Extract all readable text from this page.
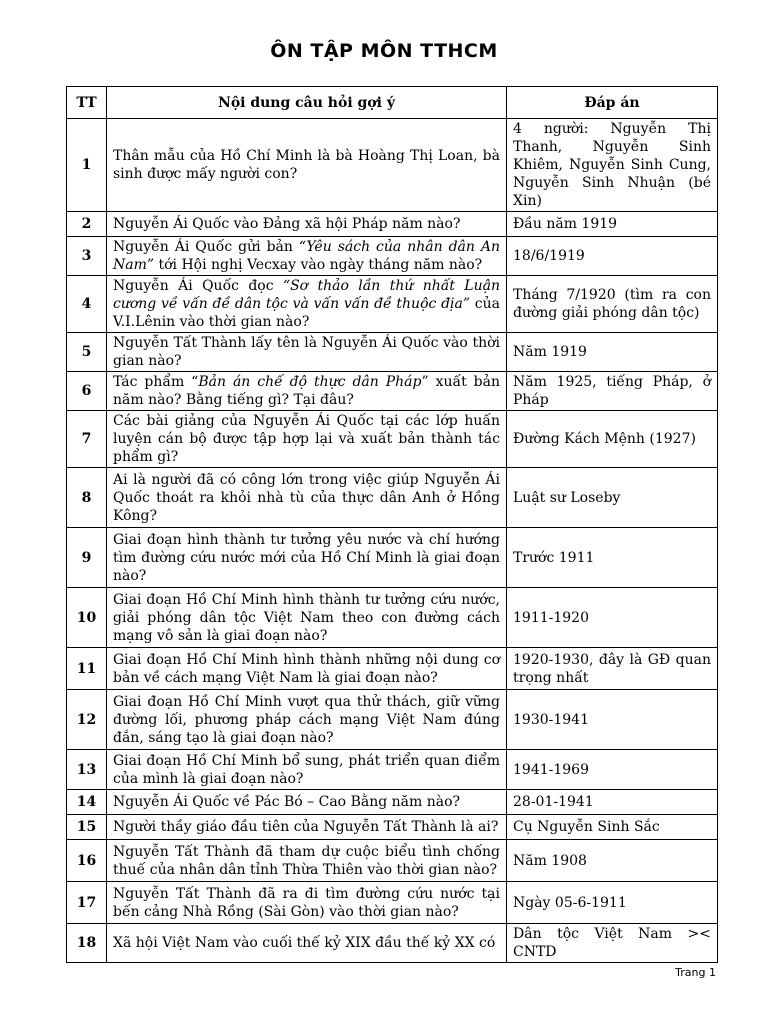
ÔN TẬP MÔN TTHCM
TT	Nội dung câu hỏi gợi ý	Đáp án
1	Thân mẫu của Hồ Chí Minh là bà Hoàng Thị Loan, bà sinh được mấy người con?	4 người: Nguyễn Thị Thanh, Nguyễn Sinh Khiêm, Nguyễn Sinh Cung, Nguyễn Sinh Nhuận (bé Xin)
2	Nguyễn Ái Quốc vào Đảng xã hội Pháp năm nào?	Đầu năm 1919
3	Nguyễn Ái Quốc gửi bản “Yêu sách của nhân dân An Nam” tới Hội nghị Vecxay vào ngày tháng năm nào?	18/6/1919
4	Nguyễn Ái Quốc đọc “Sơ thảo lần thứ nhất Luận cương về vấn đề dân tộc và vấn vấn đề thuộc địa” của V.I.Lênin vào thời gian nào?	Tháng 7/1920 (tìm ra con đường giải phóng dân tộc)
5	Nguyễn Tất Thành lấy tên là Nguyễn Ái Quốc vào thời gian nào?	Năm 1919
6	Tác phẩm “Bản án chế độ thực dân Pháp” xuất bản năm nào? Bằng tiếng gì? Tại đâu?	Năm 1925, tiếng Pháp, ở Pháp
7	Các bài giảng của Nguyễn Ái Quốc tại các lớp huấn luyện cán bộ được tập hợp lại và xuất bản thành tác phẩm gì?	Đường Kách Mệnh (1927)
8	Ai là người đã có công lớn trong việc giúp Nguyễn Ái Quốc thoát ra khỏi nhà tù của thực dân Anh ở Hồng Kông?	Luật sư Loseby
9	Giai đoạn hình thành tư tưởng yêu nước và chí hướng tìm đường cứu nước mới của Hồ Chí Minh là giai đoạn nào?	Trước 1911
10	Giai đoạn Hồ Chí Minh hình thành tư tưởng cứu nước, giải phóng dân tộc Việt Nam theo con đường cách mạng vô sản là giai đoạn nào?	1911-1920
11	Giai đoạn Hồ Chí Minh hình thành những nội dung cơ bản về cách mạng Việt Nam là giai đoạn nào?	1920-1930, đây là GĐ quan trọng nhất
12	Giai đoạn Hồ Chí Minh vượt qua thử thách, giữ vững đường lối, phương pháp cách mạng Việt Nam đúng đắn, sáng tạo là giai đoạn nào?	1930-1941
13	Giai đoạn Hồ Chí Minh bổ sung, phát triển quan điểm của mình là giai đoạn nào?	1941-1969
14	Nguyễn Ái Quốc về Pác Bó – Cao Bằng năm nào?	28-01-1941
15	Người thầy giáo đầu tiên của Nguyễn Tất Thành là ai?	Cụ Nguyễn Sinh Sắc
16	Nguyễn Tất Thành đã tham dự cuộc biểu tình chống thuế của nhân dân tỉnh Thừa Thiên vào thời gian nào?	Năm 1908
17	Nguyễn Tất Thành đã ra đi tìm đường cứu nước tại bến cảng Nhà Rồng (Sài Gòn) vào thời gian nào?	Ngày 05-6-1911
18	Xã hội Việt Nam vào cuối thế kỷ XIX đầu thế kỷ XX có	Dân tộc Việt Nam >< CNTD
Trang 1
